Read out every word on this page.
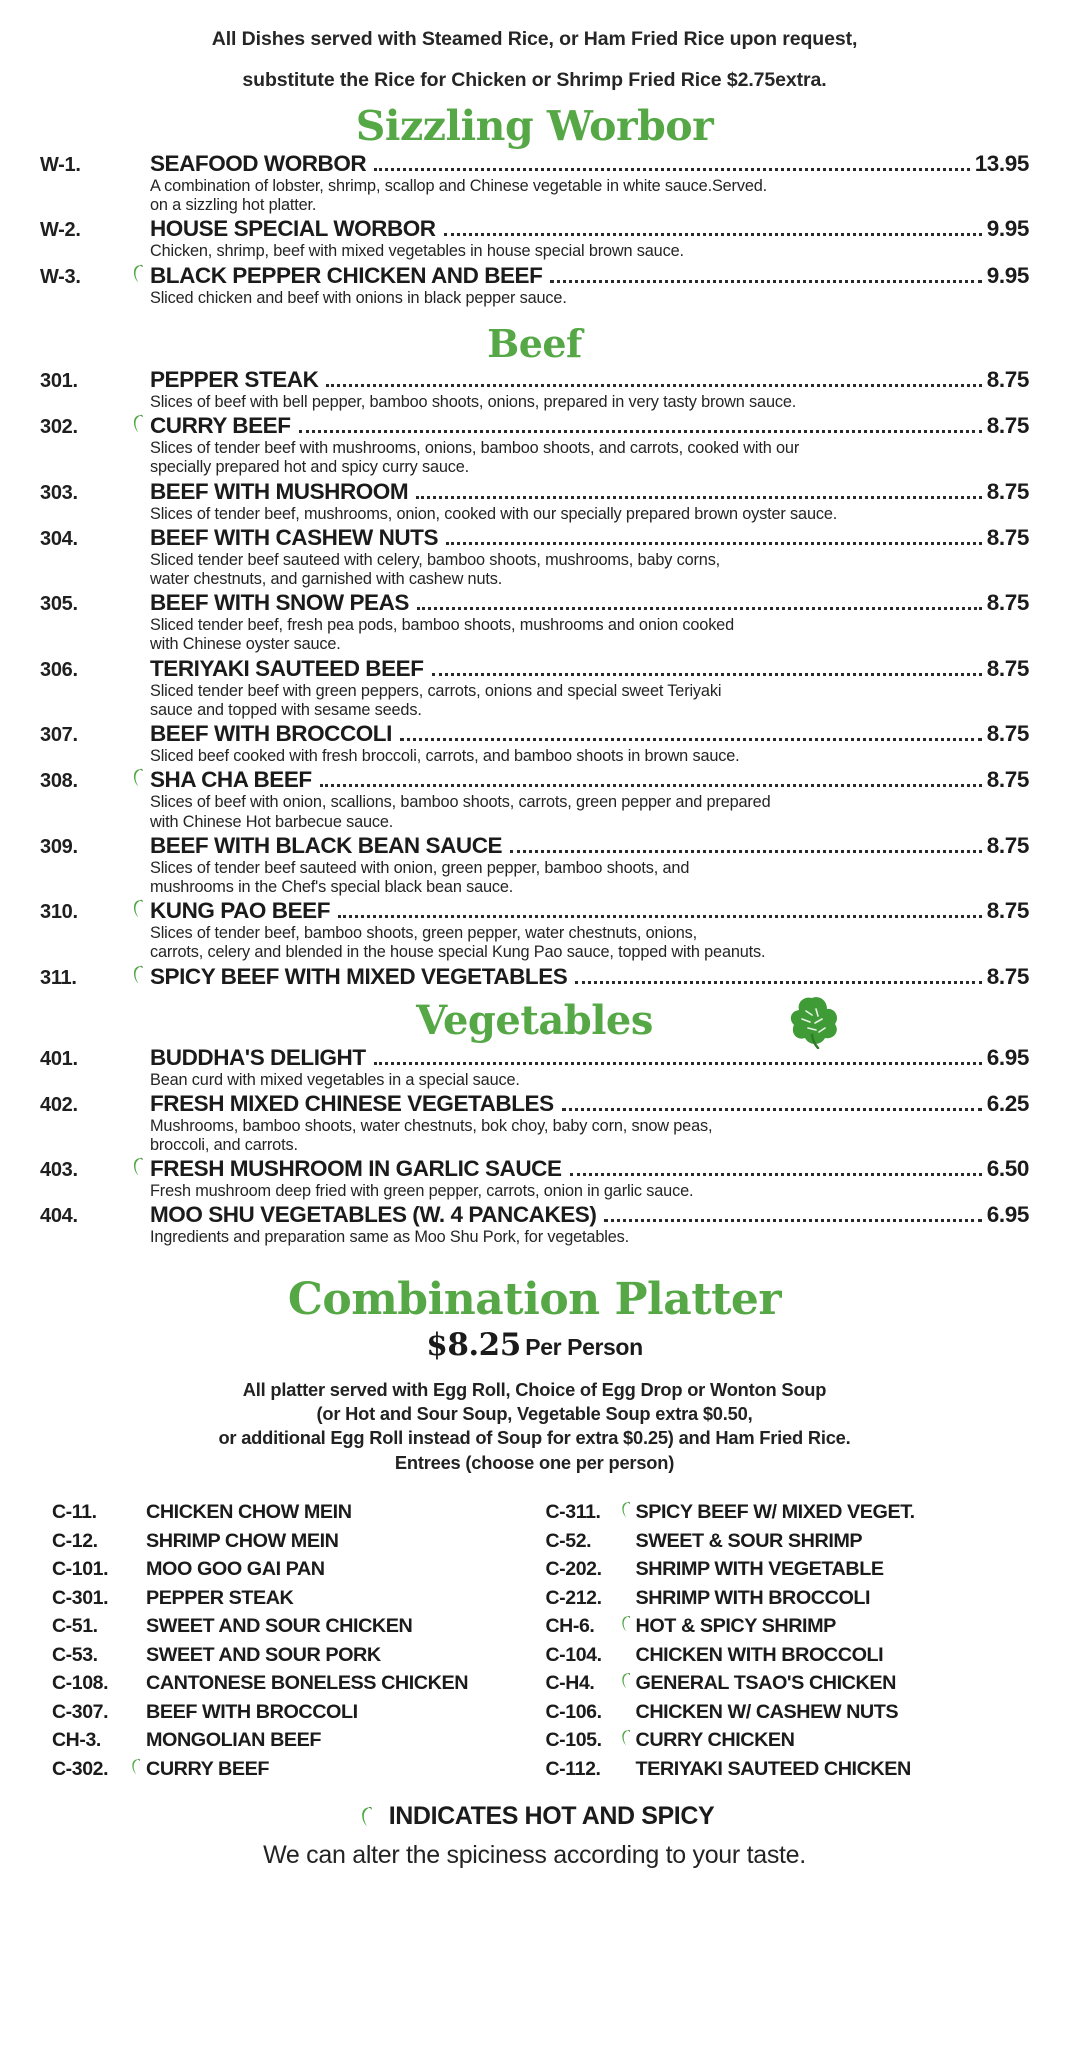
All Dishes served with Steamed Rice, or Ham Fried Rice upon request,
substitute the Rice for Chicken or Shrimp Fried Rice $2.75extra.
Sizzling Worbor
W-1.	SEAFOOD WORBOR	13.95
A combination of lobster, shrimp, scallop and Chinese vegetable in white sauce.Served.
on a sizzling hot platter.
W-2.	HOUSE SPECIAL WORBOR	9.95
Chicken, shrimp, beef with mixed vegetables in house special brown sauce.
W-3.	BLACK PEPPER CHICKEN AND BEEF	9.95
Sliced chicken and beef with onions in black pepper sauce.
Beef
301.	PEPPER STEAK	8.75
Slices of beef with bell pepper, bamboo shoots, onions, prepared in very tasty brown sauce.
302.	CURRY BEEF	8.75
Slices of tender beef with mushrooms, onions, bamboo shoots, and carrots, cooked with our
specially prepared hot and spicy curry sauce.
303.	BEEF WITH MUSHROOM	8.75
Slices of tender beef, mushrooms, onion, cooked with our specially prepared brown oyster sauce.
304.	BEEF WITH CASHEW NUTS	8.75
Sliced tender beef sauteed with celery, bamboo shoots, mushrooms, baby corns,
water chestnuts, and garnished with cashew nuts.
305.	BEEF WITH SNOW PEAS	8.75
Sliced tender beef, fresh pea pods, bamboo shoots, mushrooms and onion cooked
with Chinese oyster sauce.
306.	TERIYAKI SAUTEED BEEF	8.75
Sliced tender beef with green peppers, carrots, onions and special sweet Teriyaki
sauce and topped with sesame seeds.
307.	BEEF WITH BROCCOLI	8.75
Sliced beef cooked with fresh broccoli, carrots, and bamboo shoots in brown sauce.
308.	SHA CHA BEEF	8.75
Slices of beef with onion, scallions, bamboo shoots, carrots, green pepper and prepared
with Chinese Hot barbecue sauce.
309.	BEEF WITH BLACK BEAN SAUCE	8.75
Slices of tender beef sauteed with onion, green pepper, bamboo shoots, and
mushrooms in the Chef's special black bean sauce.
310.	KUNG PAO BEEF	8.75
Slices of tender beef, bamboo shoots, green pepper, water chestnuts, onions,
carrots, celery and blended in the house special Kung Pao sauce, topped with peanuts.
311.	SPICY BEEF WITH MIXED VEGETABLES	8.75
Vegetables
401.	BUDDHA'S DELIGHT	6.95
Bean curd with mixed vegetables in a special sauce.
402.	FRESH MIXED CHINESE VEGETABLES	6.25
Mushrooms, bamboo shoots, water chestnuts, bok choy, baby corn, snow peas,
broccoli, and carrots.
403.	FRESH MUSHROOM IN GARLIC SAUCE	6.50
Fresh mushroom deep fried with green pepper, carrots, onion in garlic sauce.
404.	MOO SHU VEGETABLES (W. 4 PANCAKES)	6.95
Ingredients and preparation same as Moo Shu Pork, for vegetables.
Combination Platter
$8.25 Per Person
All platter served with Egg Roll, Choice of Egg Drop or Wonton Soup
(or Hot and Sour Soup, Vegetable Soup extra $0.50,
or additional Egg Roll instead of Soup for extra $0.25) and Ham Fried Rice.
Entrees (choose one per person)
C-11.	CHICKEN CHOW MEIN
C-12.	SHRIMP CHOW MEIN
C-101.	MOO GOO GAI PAN
C-301.	PEPPER STEAK
C-51.	SWEET AND SOUR CHICKEN
C-53.	SWEET AND SOUR PORK
C-108.	CANTONESE BONELESS CHICKEN
C-307.	BEEF WITH BROCCOLI
CH-3.	MONGOLIAN BEEF
C-302.	CURRY BEEF
C-311.	SPICY BEEF W/ MIXED VEGET.
C-52.	SWEET & SOUR SHRIMP
C-202.	SHRIMP WITH VEGETABLE
C-212.	SHRIMP WITH BROCCOLI
CH-6.	HOT & SPICY SHRIMP
C-104.	CHICKEN WITH BROCCOLI
C-H4.	GENERAL TSAO'S CHICKEN
C-106.	CHICKEN W/ CASHEW NUTS
C-105.	CURRY CHICKEN
C-112.	TERIYAKI SAUTEED CHICKEN
INDICATES HOT AND SPICY
We can alter the spiciness according to your taste.
